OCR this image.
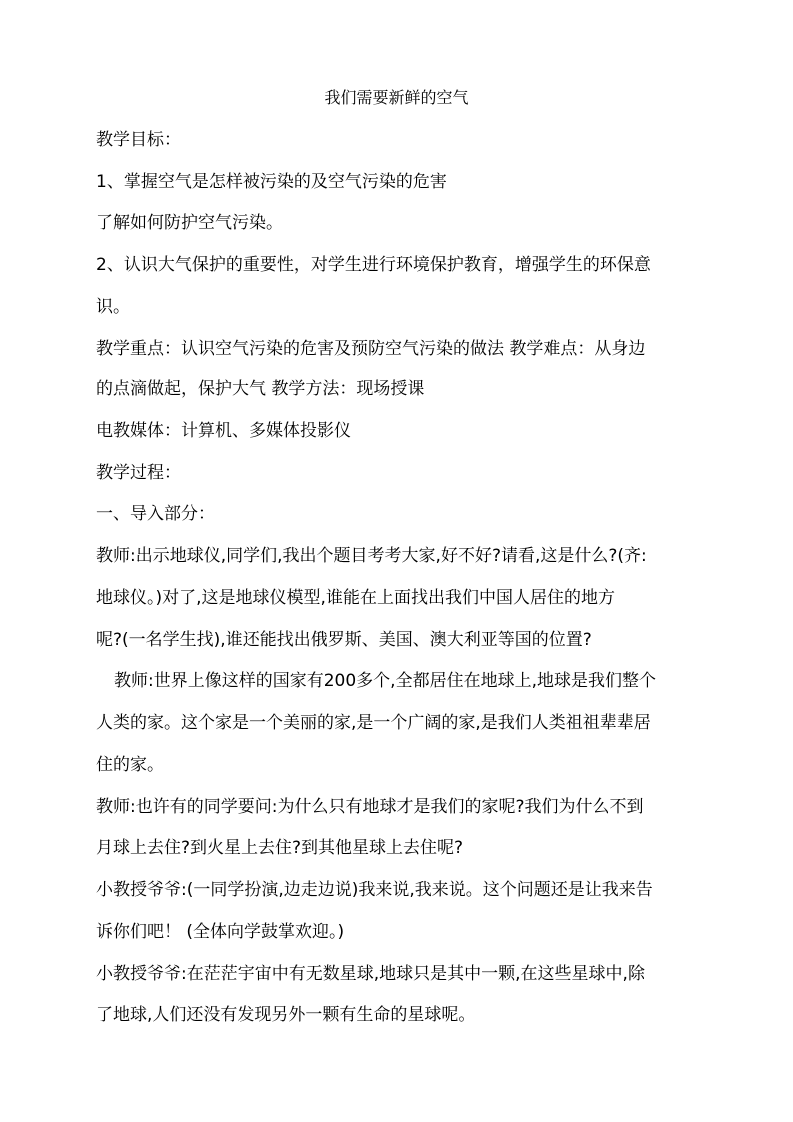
我们需要新鲜的空气
教学目标：
1、掌握空气是怎样被污染的及空气污染的危害
了解如何防护空气污染。
2、认识大气保护的重要性，对学生进行环境保护教育，增强学生的环保意
识。
教学重点：认识空气污染的危害及预防空气污染的做法 教学难点：从身边
的点滴做起，保护大气 教学方法：现场授课
电教媒体：计算机、多媒体投影仪
教学过程：
一、导入部分：
教师:出示地球仪,同学们,我出个题目考考大家,好不好?请看,这是什么?(齐:
地球仪。)对了,这是地球仪模型,谁能在上面找出我们中国人居住的地方
呢?(一名学生找),谁还能找出俄罗斯、美国、澳大利亚等国的位置?
教师:世界上像这样的国家有200多个,全都居住在地球上,地球是我们整个
人类的家。这个家是一个美丽的家,是一个广阔的家,是我们人类祖祖辈辈居
住的家。
教师:也许有的同学要问:为什么只有地球才是我们的家呢?我们为什么不到
月球上去住?到火星上去住?到其他星球上去住呢?
小教授爷爷:(一同学扮演,边走边说)我来说,我来说。这个问题还是让我来告
诉你们吧！ (全体向学鼓掌欢迎。)
小教授爷爷:在茫茫宇宙中有无数星球,地球只是其中一颗,在这些星球中,除
了地球,人们还没有发现另外一颗有生命的星球呢。
